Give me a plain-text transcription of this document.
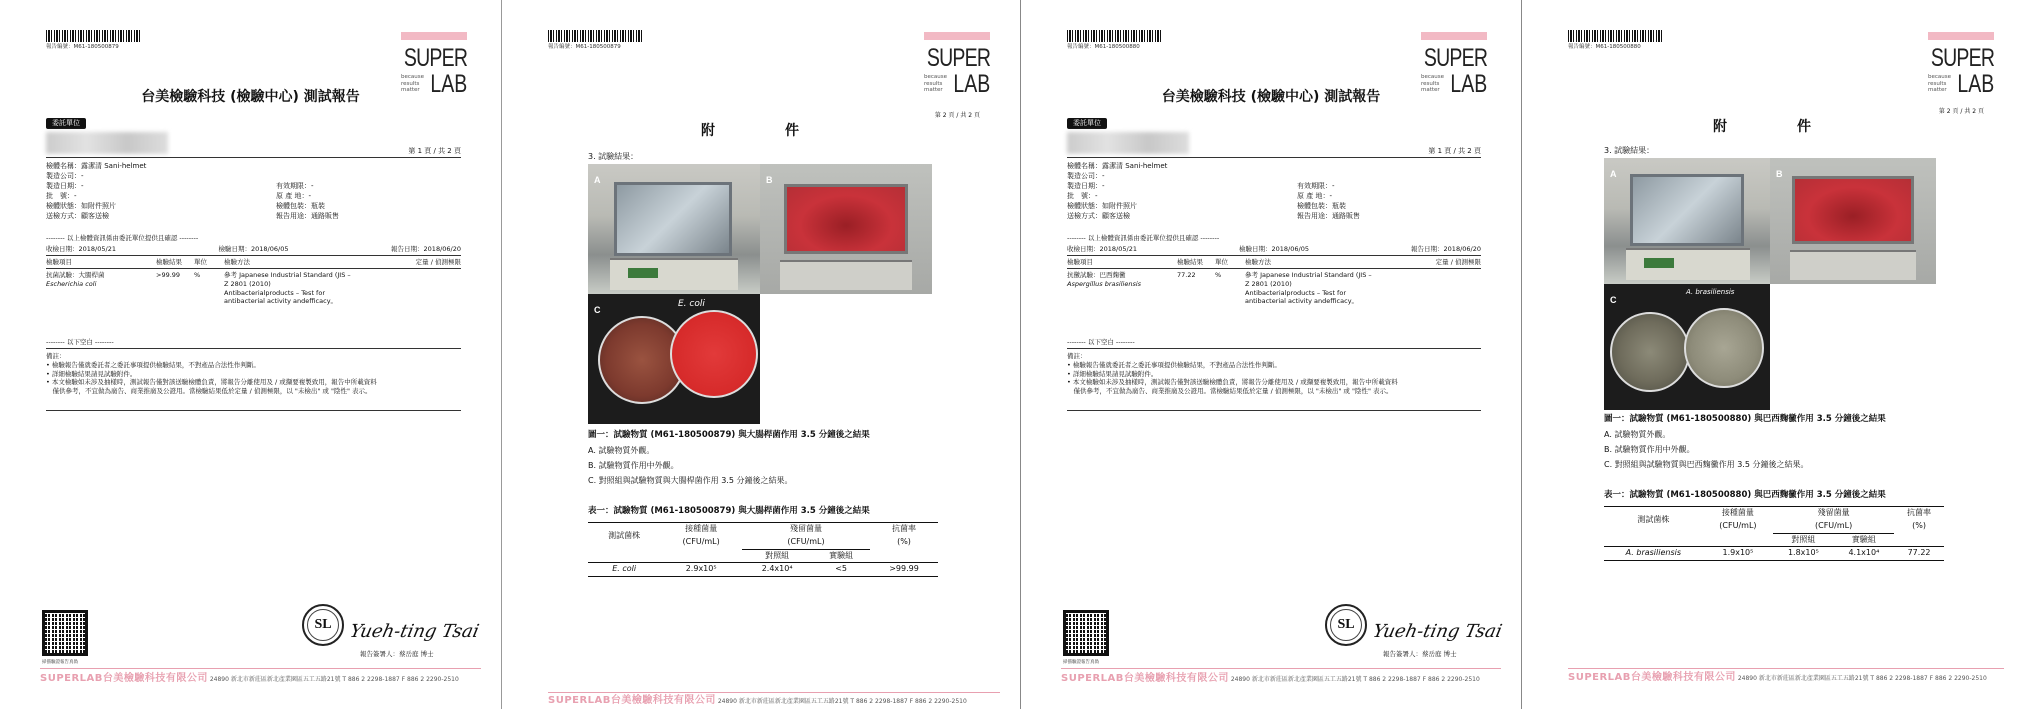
報告編號：M61-180500879	SUPER
because
results
matter LAB
台美檢驗科技 (檢驗中心) 測試報告
委託單位
第 1 頁 / 共 2 頁
檢體名稱：露潔清 Sani-helmet
製造公司：-
製造日期：-	有效期限：-
批　號：-	原 產 地：-
檢體狀態：如附件照片	檢體包裝：瓶裝
送檢方式：顧客送檢	報告用途：通路販售
-------- 以上檢體資訊係由委託單位提供且確認 --------
收檢日期：2018/05/21	檢驗日期：2018/06/05	報告日期：2018/06/20
檢驗項目	檢驗結果	單位	檢驗方法	定量 / 偵測極限
抗菌試驗：大腸桿菌	>99.99	%	參考 Japanese Industrial Standard (JIS –
Escherichia coli	Z 2801 (2010)
Antibacterialproducts – Test for
antibacterial activity andefficacy。
-------- 以下空白 --------
備註：
• 檢驗報告僅就委託者之委託事項提供檢驗結果，不對產品合法性作判斷。
• 詳細檢驗結果請見試驗附件。
• 本文檢驗如未涉及抽樣時，測試報告僅對該送驗檢體負責，將報告分離使用及 / 或擷要複製致用，報告中所載資料
　僅供參考，不宜做為廣告、商業推廣及公證用。當檢驗結果低於定量 / 偵測極限，以 "未檢出" 或 "陰性" 表示。
掃描驗證報告真偽
SL Yueh-ting Tsai
報告簽署人：蔡岳庭 博士
SUPERLAB台美檢驗科技有限公司 24890 新北市新莊區新北產業園區五工五路21號 T 886 2 2298-1887 F 886 2 2290-2510
報告編號：M61-180500879	SUPER
because
results
matter LAB
第 2 頁 / 共 2 頁
附　件
3. 試驗結果：
A	B
E. coli
C
圖一：試驗物質 (M61-180500879) 與大腸桿菌作用 3.5 分鐘後之結果
A. 試驗物質外觀。
B. 試驗物質作用中外觀。
C. 對照組與試驗物質與大腸桿菌作用 3.5 分鐘後之結果。
表一：試驗物質 (M61-180500879) 與大腸桿菌作用 3.5 分鐘後之結果
測試菌株	接種菌量	殘留菌量		抗菌率
	(CFU/mL)	(CFU/mL)		(%)
		對照組	實驗組	
E. coli	2.9x10⁵	2.4x10⁴	<5	>99.99
SUPERLAB台美檢驗科技有限公司 24890 新北市新莊區新北產業園區五工五路21號 T 886 2 2298-1887 F 886 2 2290-2510
報告編號：M61-180500880	SUPER
because
results
matter LAB
台美檢驗科技 (檢驗中心) 測試報告
委託單位
第 1 頁 / 共 2 頁
檢體名稱：露潔清 Sani-helmet
製造公司：-
製造日期：-	有效期限：-
批　號：-	原 產 地：-
檢體狀態：如附件照片	檢體包裝：瓶裝
送檢方式：顧客送檢	報告用途：通路販售
-------- 以上檢體資訊係由委託單位提供且確認 --------
收檢日期：2018/05/21	檢驗日期：2018/06/05	報告日期：2018/06/20
檢驗項目	檢驗結果	單位	檢驗方法	定量 / 偵測極限
抗黴試驗：巴西麴黴	77.22	%	參考 Japanese Industrial Standard (JIS –
Aspergillus brasiliensis	Z 2801 (2010)
Antibacterialproducts – Test for
antibacterial activity andefficacy。
-------- 以下空白 --------
備註：
• 檢驗報告僅就委託者之委託事項提供檢驗結果，不對產品合法性作判斷。
• 詳細檢驗結果請見試驗附件。
• 本文檢驗如未涉及抽樣時，測試報告僅對該送驗檢體負責，將報告分離使用及 / 或擷要複製致用，報告中所載資料
　僅供參考，不宜做為廣告、商業推廣及公證用。當檢驗結果低於定量 / 偵測極限，以 "未檢出" 或 "陰性" 表示。
掃描驗證報告真偽
SL Yueh-ting Tsai
報告簽署人：蔡岳庭 博士
SUPERLAB台美檢驗科技有限公司 24890 新北市新莊區新北產業園區五工五路21號 T 886 2 2298-1887 F 886 2 2290-2510
報告編號：M61-180500880	SUPER
because
results
matter LAB
第 2 頁 / 共 2 頁
附　件
3. 試驗結果：
A	B
A. brasiliensis
C
圖一：試驗物質 (M61-180500880) 與巴西麴黴作用 3.5 分鐘後之結果
A. 試驗物質外觀。
B. 試驗物質作用中外觀。
C. 對照組與試驗物質與巴西麴黴作用 3.5 分鐘後之結果。
表一：試驗物質 (M61-180500880) 與巴西麴黴作用 3.5 分鐘後之結果
測試菌株	接種菌量	殘留菌量		抗菌率
	(CFU/mL)	(CFU/mL)		(%)
		對照組	實驗組	
A. brasiliensis	1.9x10⁵	1.8x10⁵	4.1x10⁴	77.22
SUPERLAB台美檢驗科技有限公司 24890 新北市新莊區新北產業園區五工五路21號 T 886 2 2298-1887 F 886 2 2290-2510
